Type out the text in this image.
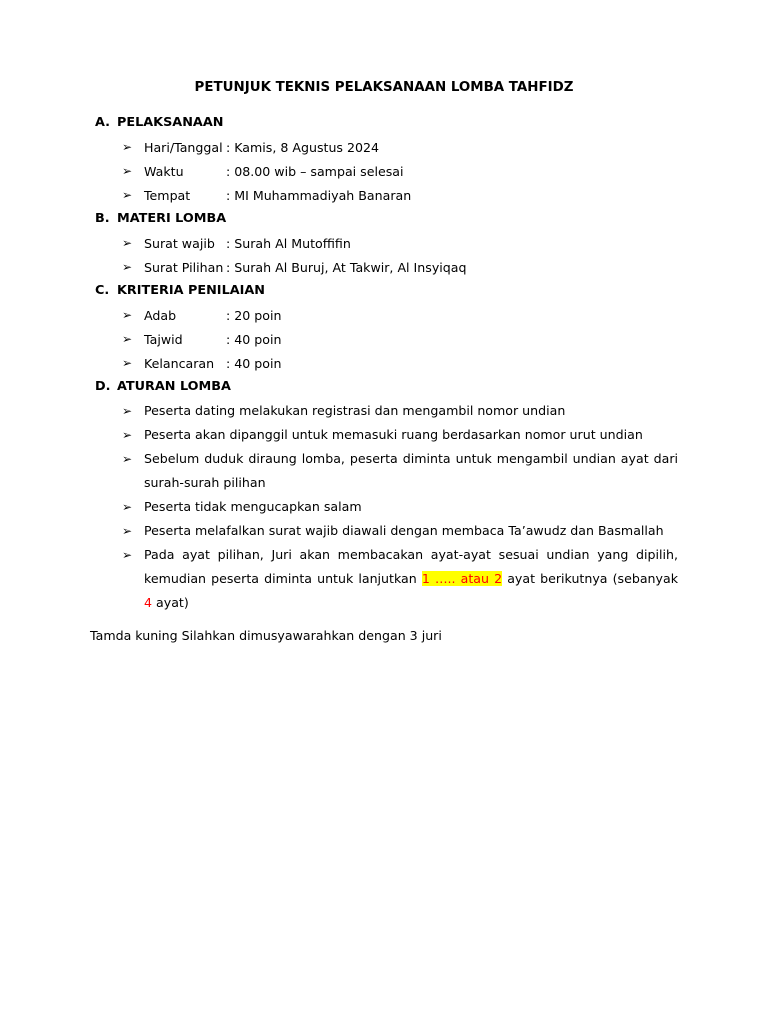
PETUNJUK TEKNIS PELAKSANAAN LOMBA TAHFIDZ
A. PELAKSANAAN
➢ Hari/Tanggal : Kamis, 8 Agustus 2024
➢ Waktu	: 08.00 wib – sampai selesai
➢ Tempat	: MI Muhammadiyah Banaran
B. MATERI LOMBA
➢ Surat wajib : Surah Al Mutoffifin
➢ Surat Pilihan : Surah Al Buruj, At Takwir, Al Insyiqaq
C. KRITERIA PENILAIAN
➢ Adab	: 20 poin
➢ Tajwid	: 40 poin
➢ Kelancaran : 40 poin
D. ATURAN LOMBA
➢ Peserta dating melakukan registrasi dan mengambil nomor undian
➢ Peserta akan dipanggil untuk memasuki ruang berdasarkan nomor urut undian
➢ Sebelum duduk diraung lomba, peserta diminta untuk mengambil undian ayat dari surah-surah pilihan
➢ Peserta tidak mengucapkan salam
➢ Peserta melafalkan surat wajib diawali dengan membaca Ta’awudz dan Basmallah
➢ Pada ayat pilihan, Juri akan membacakan ayat-ayat sesuai undian yang dipilih, kemudian peserta diminta untuk lanjutkan 1 ….. atau 2 ayat berikutnya (sebanyak 4 ayat)
Tamda kuning Silahkan dimusyawarahkan dengan 3 juri
